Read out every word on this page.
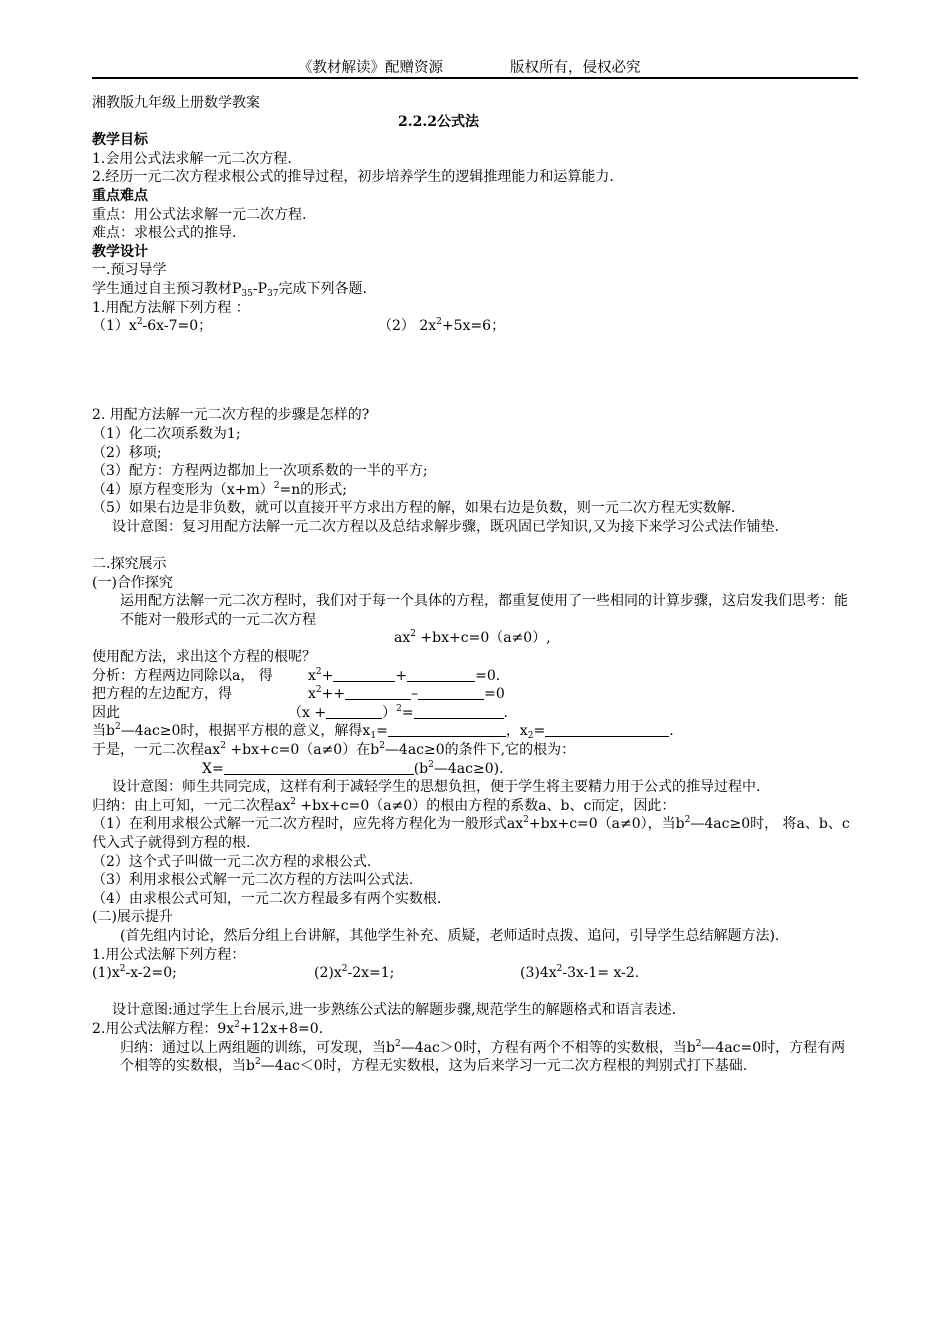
《教材解读》配赠资源	版权所有，侵权必究
湘教版九年级上册数学教案
2.2.2公式法
教学目标
1.会用公式法求解一元二次方程.
2.经历一元二次方程求根公式的推导过程，初步培养学生的逻辑推理能力和运算能力.
重点难点
重点：用公式法求解一元二次方程.
难点：求根公式的推导.
教学设计
一.预习导学
学生通过自主预习教材$P_{35}-P_{37}$完成下列各题.
1.用配方法解下列方程 ：
$(1)x^2-6x-7=0$；	（2） $2x^2+5x=6$；
2. 用配方法解一元二次方程的步骤是怎样的?
（1）化二次项系数为1;
（2）移项;
（3）配方：方程两边都加上一次项系数的一半的平方;
（4）原方程变形为$(x+m)^2=n$的形式;
（5）如果右边是非负数，就可以直接开平方求出方程的解，如果右边是负数，则一元二次方程无实数解.
设计意图：复习用配方法解一元二次方程以及总结求解步骤，既巩固已学知识,又为接下来学习公式法作铺垫.
二.探究展示
(一)合作探究
运用配方法解一元二次方程时，我们对于每一个具体的方程，都重复使用了一些相同的计算步骤，这启发我们思考：能不能对一般形式的一元二次方程
$ax^2 +bx+c=0(a\ne 0)$,
使用配方法，求出这个方程的根呢？
分析：方程两边同除以a， 得	$x^2+$	+	=0.
把方程的左边配方，得	$x^2++$	–	=0
因此	（x +	）$^2$=	.
当$b^2—4ac\ge 0$时，根据平方根的意义，解得$x_1=$	，$x_2=$	.
于是，一元二次程$ax^2 +bx+c=0(a\ne 0)$在$b^2—4ac\ge 0$的条件下,它的根为：
X=	$(b^2—4ac\ge 0)$.
设计意图：师生共同完成，这样有利于减轻学生的思想负担，便于学生将主要精力用于公式的推导过程中.
归纳：由上可知，一元二次程$ax^2 +bx+c=0(a\ne 0)$的根由方程的系数a、b、c而定，因此：
（1）在利用求根公式解一元二次方程时，应先将方程化为一般形式$ax^2+bx+c=0(a\ne 0)$，当$b^2—4ac\ge 0$时， 将a、b、c代入式子就得到方程的根.
（2）这个式子叫做一元二次方程的求根公式.
（3）利用求根公式解一元二次方程的方法叫公式法.
（4）由求根公式可知，一元二次方程最多有两个实数根.
(二)展示提升
(首先组内讨论，然后分组上台讲解，其他学生补充、质疑，老师适时点拨、追问，引导学生总结解题方法).
1.用公式法解下列方程：
$(1)x^2-x-2=0$;	$(2)x^2-2x=1$;	$(3)4x^2-3x-1= x-2$.
设计意图:通过学生上台展示,进一步熟练公式法的解题步骤,规范学生的解题格式和语言表述.
2.用公式法解方程：$9x^2+12x+8=0$.
归纳：通过以上两组题的训练，可发现，当$b^2—4ac>0$时，方程有两个不相等的实数根，当$b^2—4ac=0$时，方程有两个相等的实数根，当$b^2—4ac<0$时，方程无实数根，这为后来学习一元二次方程根的判别式打下基础.
